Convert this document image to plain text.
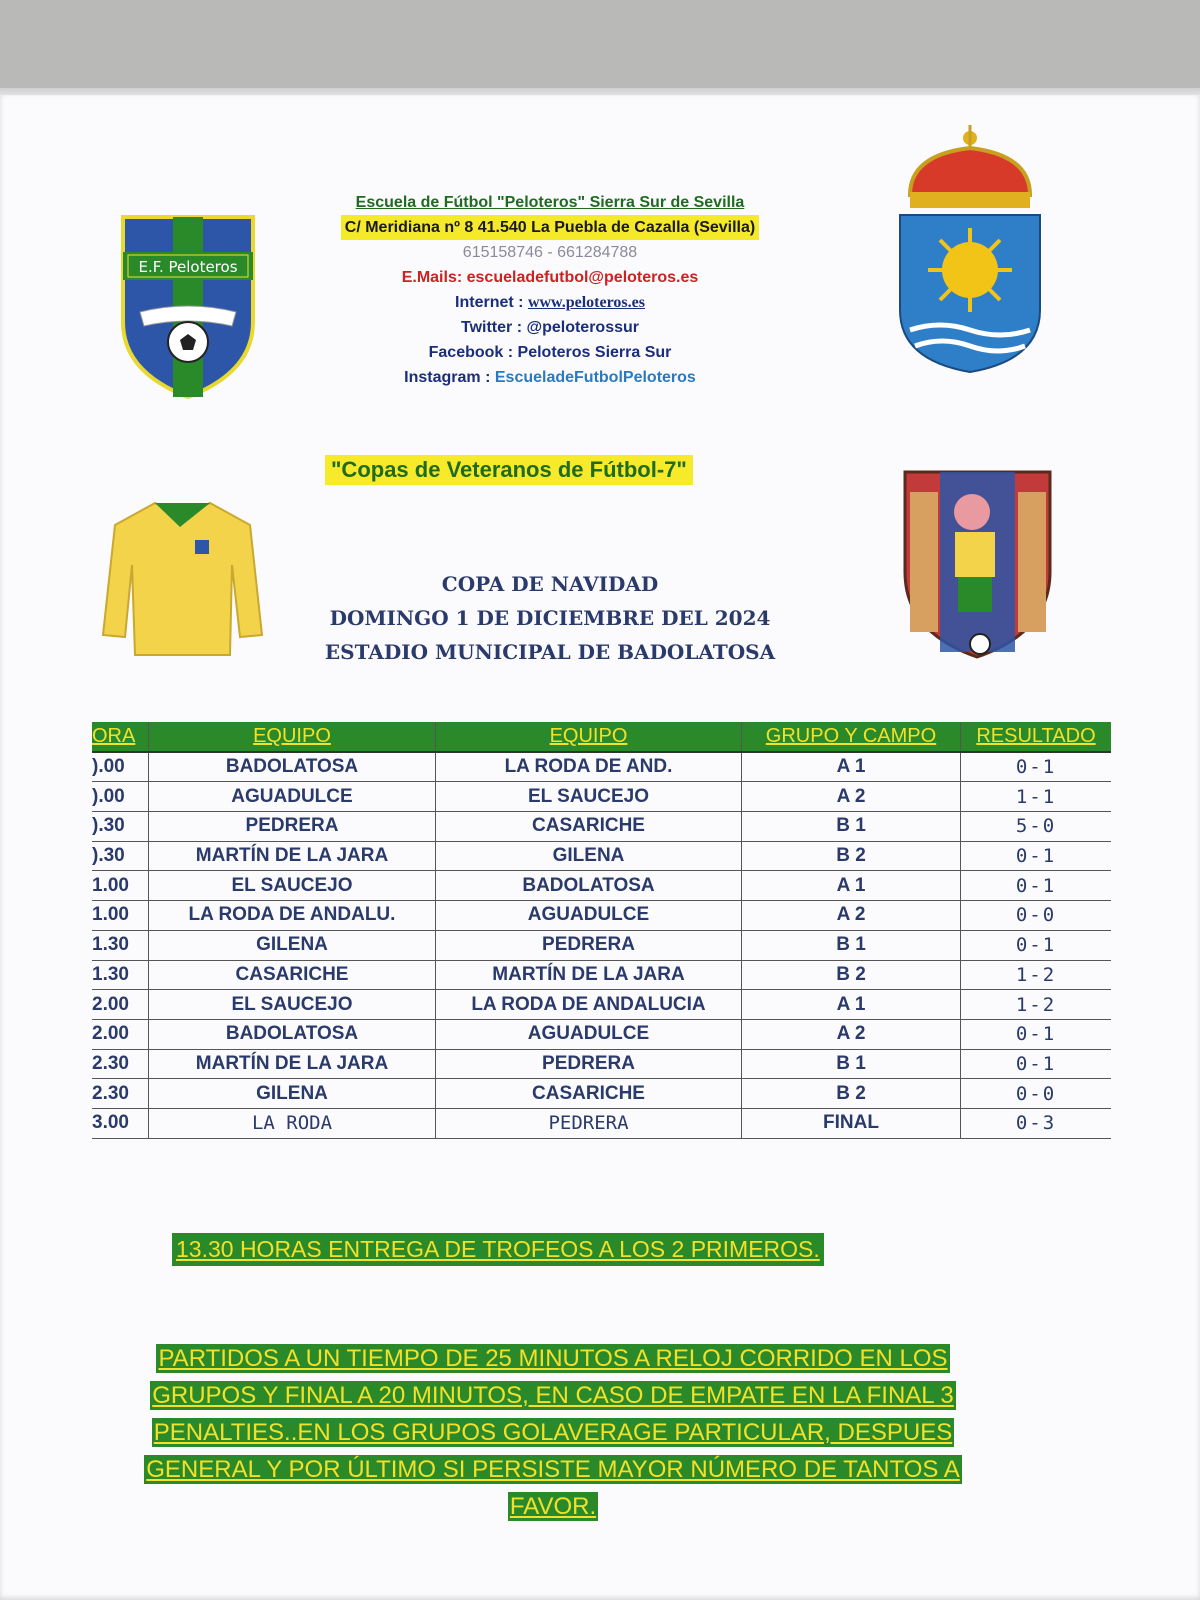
E.F. Peloteros
Escuela de Fútbol "Peloteros" Sierra Sur de Sevilla
C/ Meridiana nº 8 41.540 La Puebla de Cazalla (Sevilla)
615158746 - 661284788
E.Mails: escueladefutbol@peloteros.es
Internet : www.peloteros.es
Twitter : @peloterossur
Facebook : Peloteros Sierra Sur
Instagram : EscueladeFutbolPeloteros
"Copas de Veteranos de Fútbol-7"
COPA DE NAVIDAD
DOMINGO 1 DE DICIEMBRE DEL 2024
ESTADIO MUNICIPAL DE BADOLATOSA
ORA	EQUIPO	EQUIPO	GRUPO Y CAMPO	RESULTADO
).00	BADOLATOSA	LA RODA DE AND.	A 1	0-1
).00	AGUADULCE	EL SAUCEJO	A 2	1-1
).30	PEDRERA	CASARICHE	B 1	5-0
).30	MARTÍN DE LA JARA	GILENA	B 2	0-1
1.00	EL SAUCEJO	BADOLATOSA	A 1	0-1
1.00	LA RODA DE ANDALU.	AGUADULCE	A 2	0-0
1.30	GILENA	PEDRERA	B 1	0-1
1.30	CASARICHE	MARTÍN DE LA JARA	B 2	1-2
2.00	EL SAUCEJO	LA RODA DE ANDALUCIA	A 1	1-2
2.00	BADOLATOSA	AGUADULCE	A 2	0-1
2.30	MARTÍN DE LA JARA	PEDRERA	B 1	0-1
2.30	GILENA	CASARICHE	B 2	0-0
3.00	LA RODA	PEDRERA	FINAL	0-3
13.30 HORAS ENTREGA DE TROFEOS A LOS 2 PRIMEROS.
PARTIDOS A UN TIEMPO DE 25 MINUTOS A RELOJ CORRIDO EN LOS GRUPOS Y FINAL A 20 MINUTOS, EN CASO DE EMPATE EN LA FINAL 3 PENALTIES..EN LOS GRUPOS GOLAVERAGE PARTICULAR, DESPUES GENERAL Y POR ÚLTIMO SI PERSISTE MAYOR NÚMERO DE TANTOS A FAVOR.
